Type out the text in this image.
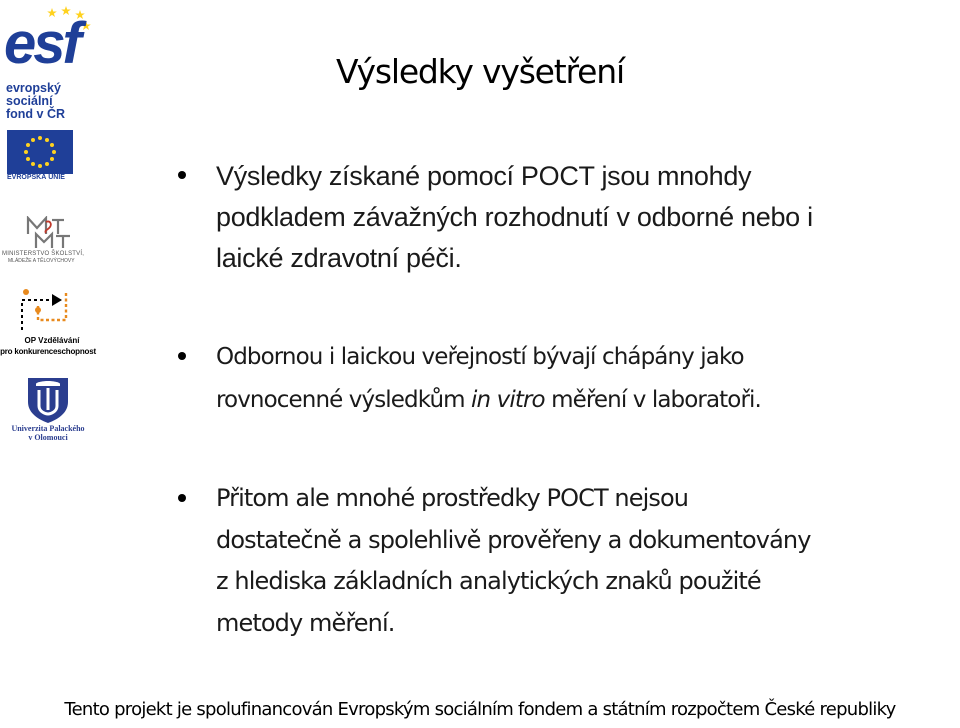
esf
evropský
sociální
fond v ČR
EVROPSKÁ UNIE
MINISTERSTVO ŠKOLSTVÍ,
MLÁDEŽE A TĚLOVÝCHOVY
OP Vzdělávání
pro konkurenceschopnost
Univerzita Palackého
v Olomouci
Výsledky vyšetření
Výsledky získané pomocí POCT jsou mnohdy
podkladem závažných rozhodnutí v odborné nebo i
laické zdravotní péči.
Odbornou i laickou veřejností bývají chápány jako
rovnocenné výsledkům in vitro měření v laboratoři.
Přitom ale mnohé prostředky POCT nejsou
dostatečně a spolehlivě prověřeny a dokumentovány
z hlediska základních analytických znaků použité
metody měření.
Tento projekt je spolufinancován Evropským sociálním fondem a státním rozpočtem České republiky
